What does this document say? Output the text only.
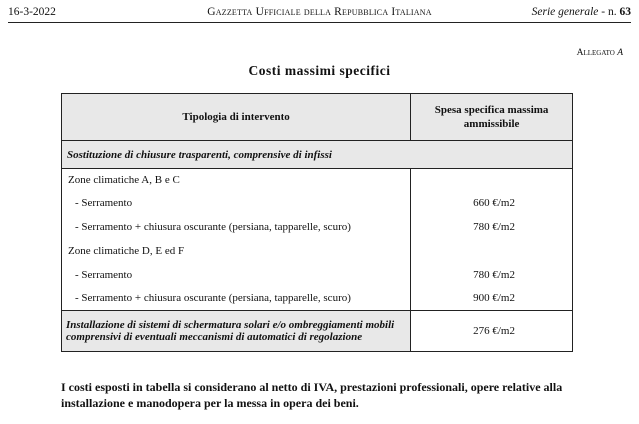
16-3-2022	Gazzetta Ufficiale della Repubblica Italiana	Serie generale - n. 63
Allegato A
Costi massimi specifici
Tipologia di intervento	Spesa specifica massima ammissibile
Sostituzione di chiusure trasparenti, comprensive di infissi	
Zone climatiche A, B e C	
- Serramento	660 €/m2
- Serramento + chiusura oscurante (persiana, tapparelle, scuro)	780 €/m2
Zone climatiche D, E ed F	
- Serramento	780 €/m2
- Serramento + chiusura oscurante (persiana, tapparelle, scuro)	900 €/m2
Installazione di sistemi di schermatura solari e/o ombreggiamenti mobili comprensivi di eventuali meccanismi di automatici di regolazione	276 €/m2
I costi esposti in tabella si considerano al netto di IVA, prestazioni professionali, opere relative alla installazione e manodopera per la messa in opera dei beni.
